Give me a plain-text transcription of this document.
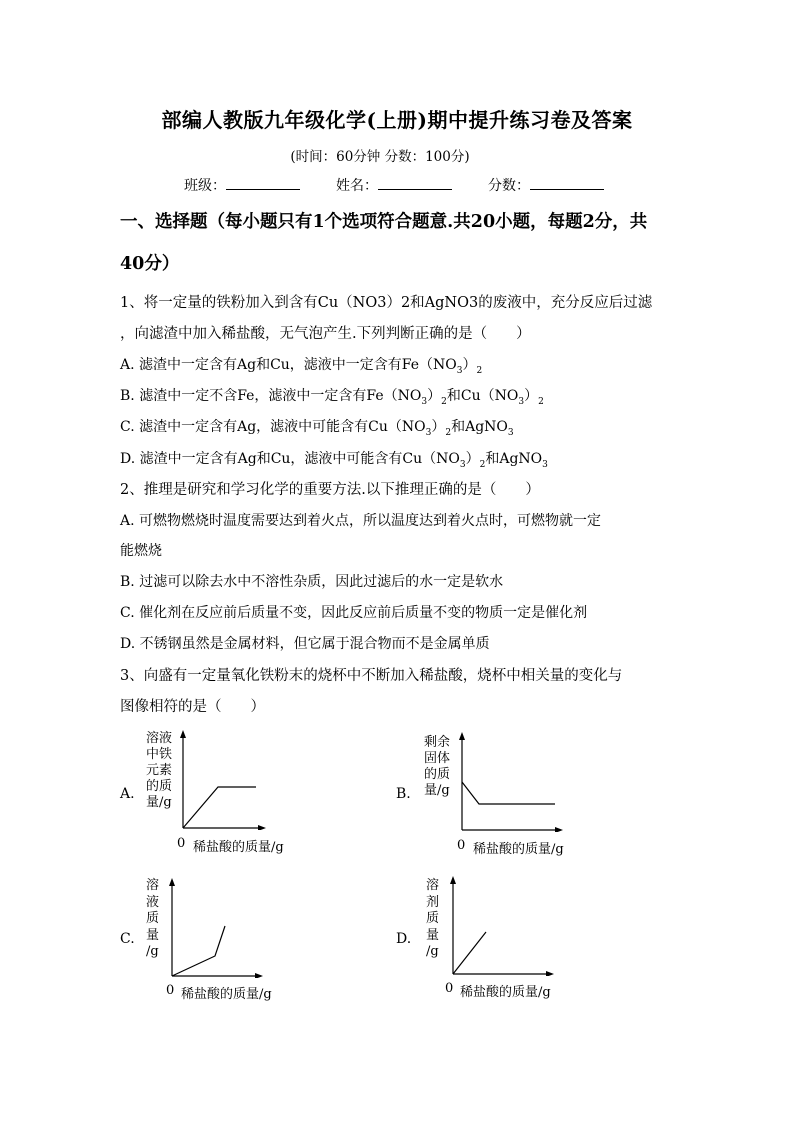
部编人教版九年级化学(上册)期中提升练习卷及答案
(时间：60分钟 分数：100分)
班级：	姓名：	分数：
一、选择题（每小题只有1个选项符合题意.共20小题，每题2分，共
40分）
1、将一定量的铁粉加入到含有Cu（NO3）2和AgNO3的废液中，充分反应后过滤
，向滤渣中加入稀盐酸，无气泡产生.下列判断正确的是（　　）
A. 滤渣中一定含有Ag和Cu，滤液中一定含有$Fe(NO_3)_2$
B. 滤渣中一定不含Fe，滤液中一定含有$Fe(NO_3)_2$和$Cu(NO_3)_2$
C. 滤渣中一定含有Ag，滤液中可能含有$Cu(NO_3)_2$和AgNO$_3$
D. 滤渣中一定含有Ag和Cu，滤液中可能含有$Cu(NO_3)_2$和AgNO$_3$
2、推理是研究和学习化学的重要方法.以下推理正确的是（　　）
A. 可燃物燃烧时温度需要达到着火点，所以温度达到着火点时，可燃物就一定
能燃烧
B. 过滤可以除去水中不溶性杂质，因此过滤后的水一定是软水
C. 催化剂在反应前后质量不变，因此反应前后质量不变的物质一定是催化剂
D. 不锈钢虽然是金属材料，但它属于混合物而不是金属单质
3、向盛有一定量氧化铁粉末的烧杯中不断加入稀盐酸，烧杯中相关量的变化与
图像相符的是（　　）
A.
溶液
中铁
元素
的质
量/g
0 稀盐酸的质量/g
B.
剩余
固体
的质
量/g
0 稀盐酸的质量/g
C.
溶
液
质
量
/g
0 稀盐酸的质量/g
D.
溶
剂
质
量
/g
0 稀盐酸的质量/g
